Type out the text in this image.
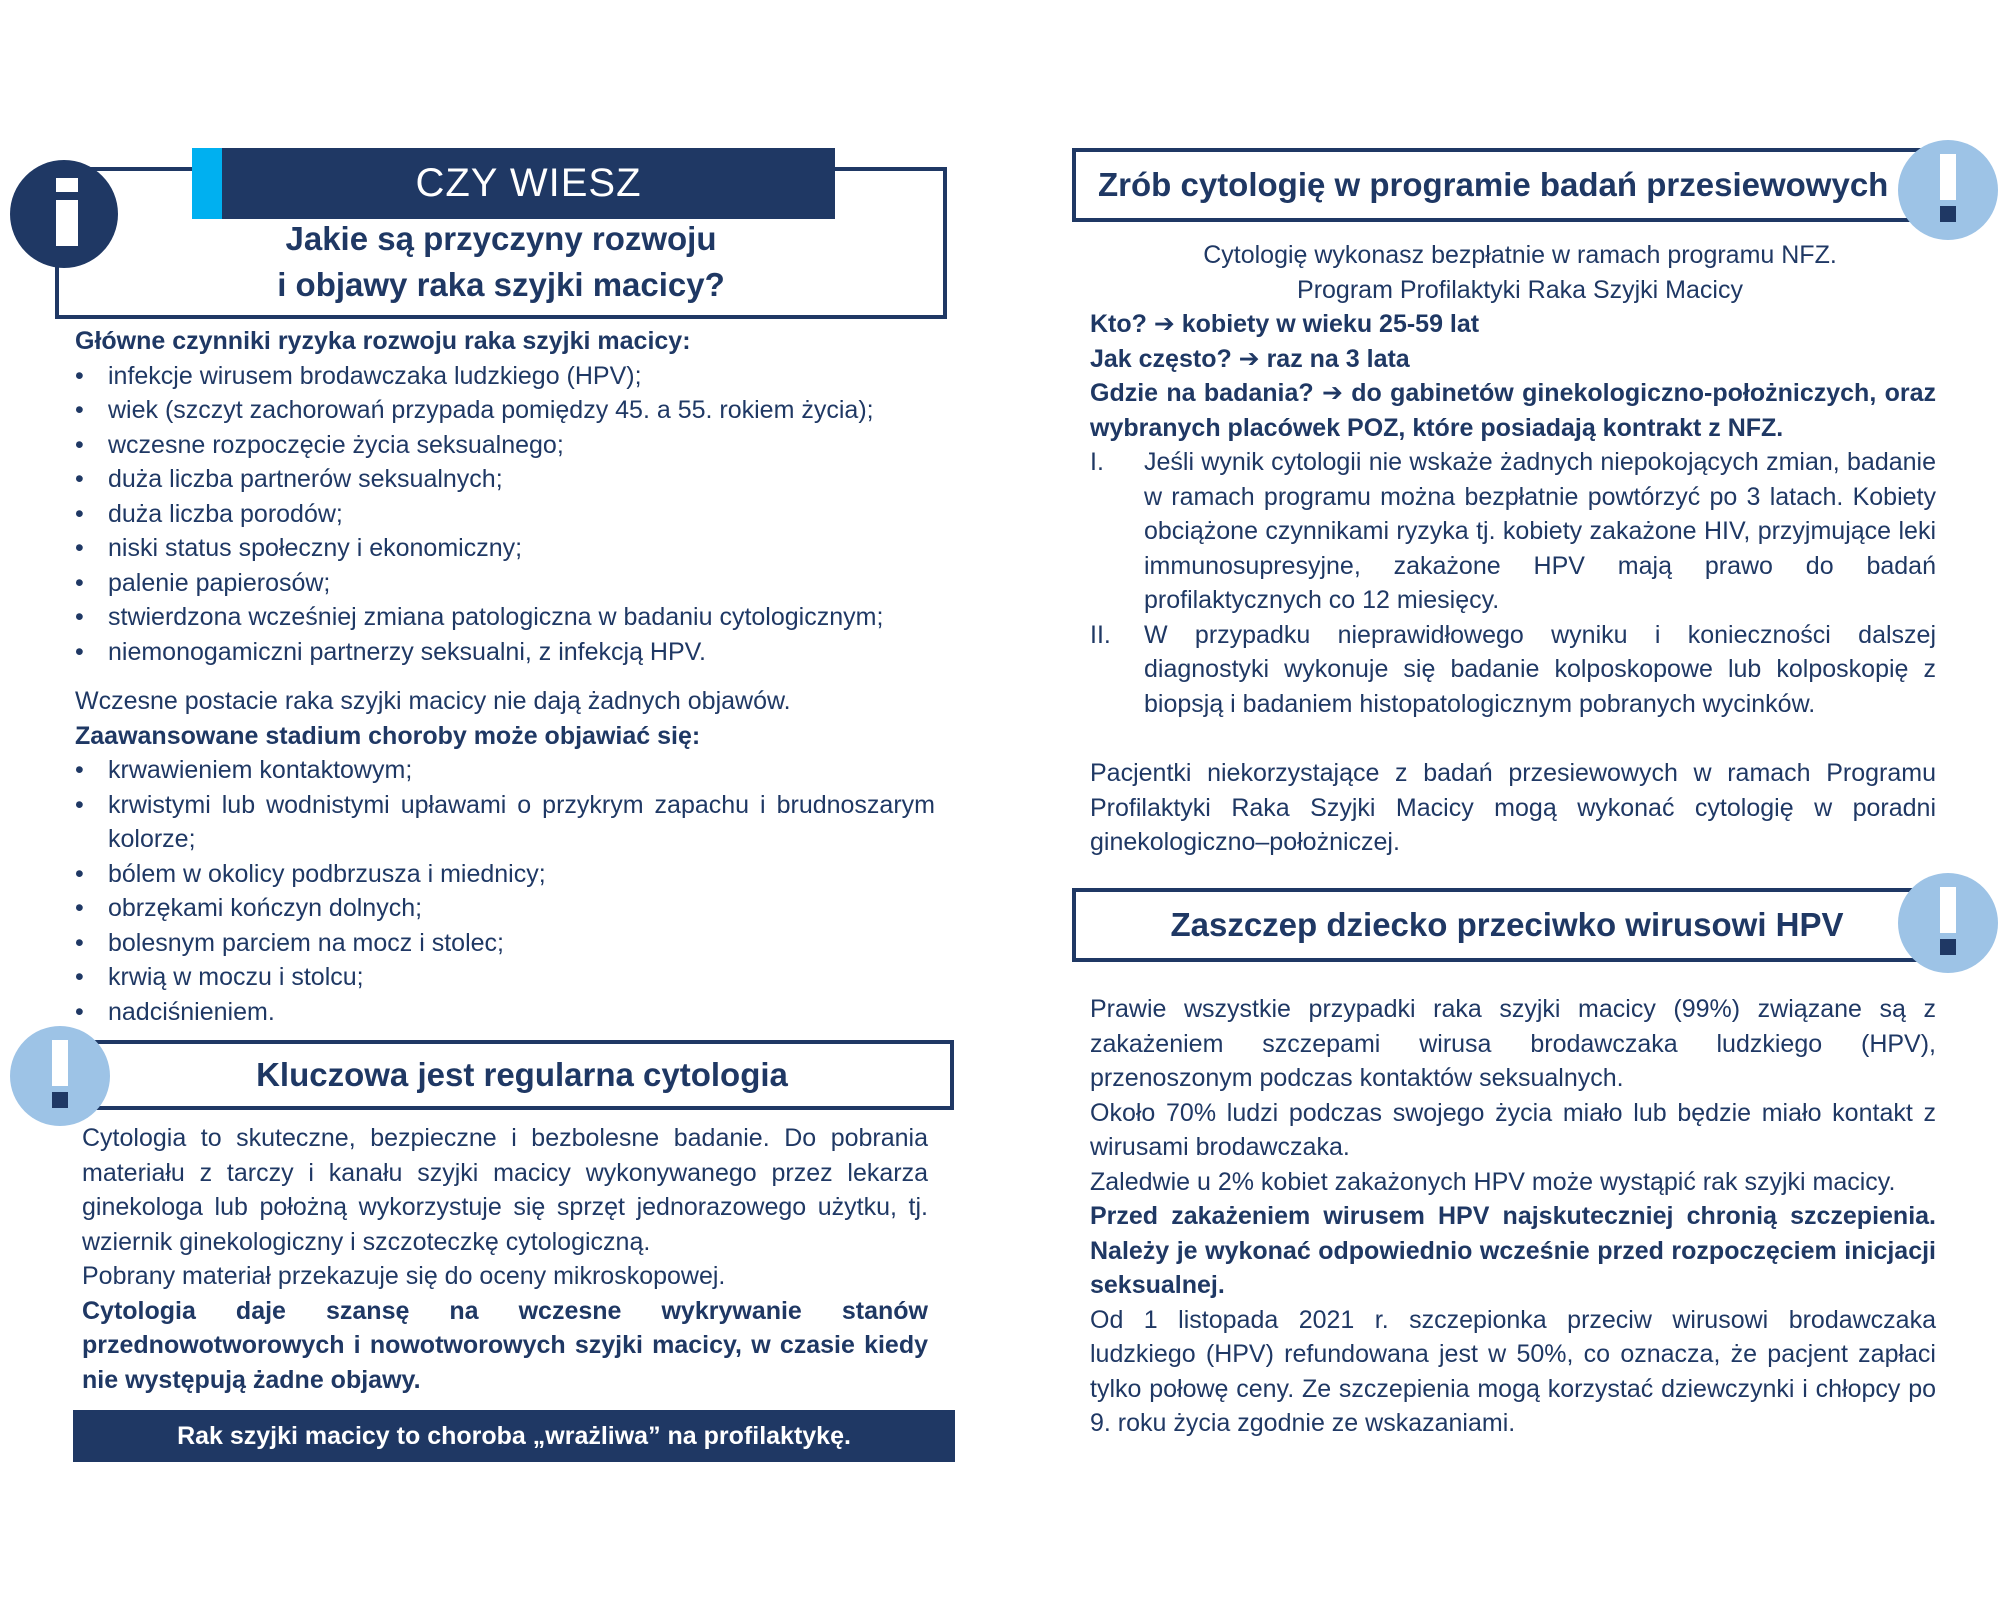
CZY WIESZ
Jakie są przyczyny rozwoju
i objawy raka szyjki macicy?
Główne czynniki ryzyka rozwoju raka szyjki macicy:
• infekcje wirusem brodawczaka ludzkiego (HPV);
• wiek (szczyt zachorowań przypada pomiędzy 45. a 55. rokiem życia);
• wczesne rozpoczęcie życia seksualnego;
• duża liczba partnerów seksualnych;
• duża liczba porodów;
• niski status społeczny i ekonomiczny;
• palenie papierosów;
• stwierdzona wcześniej zmiana patologiczna w badaniu cytologicznym;
• niemonogamiczni partnerzy seksualni, z infekcją HPV.
Wczesne postacie raka szyjki macicy nie dają żadnych objawów.
Zaawansowane stadium choroby może objawiać się:
• krwawieniem kontaktowym;
• krwistymi lub wodnistymi upławami o przykrym zapachu i brudnoszarym kolorze;
• bólem w okolicy podbrzusza i miednicy;
• obrzękami kończyn dolnych;
• bolesnym parciem na mocz i stolec;
• krwią w moczu i stolcu;
• nadciśnieniem.
Kluczowa jest regularna cytologia
Cytologia to skuteczne, bezpieczne i bezbolesne badanie. Do pobrania materiału z tarczy i kanału szyjki macicy wykonywanego przez lekarza ginekologa lub położną wykorzystuje się sprzęt jednorazowego użytku, tj. wziernik ginekologiczny i szczoteczkę cytologiczną.
Pobrany materiał przekazuje się do oceny mikroskopowej.
Cytologia daje szansę na wczesne wykrywanie stanów przednowotworowych i nowotworowych szyjki macicy, w czasie kiedy nie występują żadne objawy.
Rak szyjki macicy to choroba „wrażliwa” na profilaktykę.
Zrób cytologię w programie badań przesiewowych
Cytologię wykonasz bezpłatnie w ramach programu NFZ.
Program Profilaktyki Raka Szyjki Macicy
Kto? ➔ kobiety w wieku 25-59 lat
Jak często? ➔ raz na 3 lata
Gdzie na badania? ➔ do gabinetów ginekologiczno-położniczych, oraz wybranych placówek POZ, które posiadają kontrakt z NFZ.
I. Jeśli wynik cytologii nie wskaże żadnych niepokojących zmian, badanie w ramach programu można bezpłatnie powtórzyć po 3 latach. Kobiety obciążone czynnikami ryzyka tj. kobiety zakażone HIV, przyjmujące leki immunosupresyjne, zakażone HPV mają prawo do badań profilaktycznych co 12 miesięcy.
II. W przypadku nieprawidłowego wyniku i konieczności dalszej diagnostyki wykonuje się badanie kolposkopowe lub kolposkopię z biopsją i badaniem histopatologicznym pobranych wycinków.
Pacjentki niekorzystające z badań przesiewowych w ramach Programu Profilaktyki Raka Szyjki Macicy mogą wykonać cytologię w poradni ginekologiczno–położniczej.
Zaszczep dziecko przeciwko wirusowi HPV
Prawie wszystkie przypadki raka szyjki macicy (99%) związane są z zakażeniem szczepami wirusa brodawczaka ludzkiego (HPV), przenoszonym podczas kontaktów seksualnych.
Około 70% ludzi podczas swojego życia miało lub będzie miało kontakt z wirusami brodawczaka.
Zaledwie u 2% kobiet zakażonych HPV może wystąpić rak szyjki macicy.
Przed zakażeniem wirusem HPV najskuteczniej chronią szczepienia. Należy je wykonać odpowiednio wcześnie przed rozpoczęciem inicjacji seksualnej.
Od 1 listopada 2021 r. szczepionka przeciw wirusowi brodawczaka ludzkiego (HPV) refundowana jest w 50%, co oznacza, że pacjent zapłaci tylko połowę ceny. Ze szczepienia mogą korzystać dziewczynki i chłopcy po 9. roku życia zgodnie ze wskazaniami.
